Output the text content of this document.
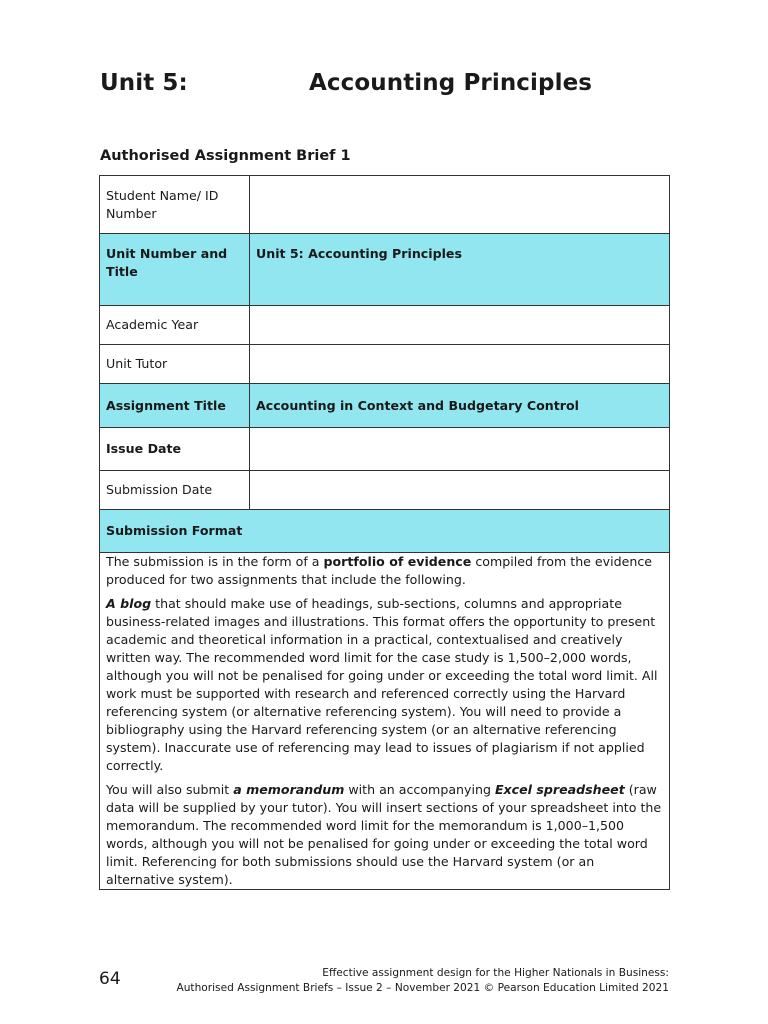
Unit 5:	Accounting Principles
Authorised Assignment Brief 1
Student Name/ ID Number	
Unit Number and Title	Unit 5: Accounting Principles
Academic Year	
Unit Tutor	
Assignment Title	Accounting in Context and Budgetary Control
Issue Date	
Submission Date	
Submission Format	

The submission is in the form of a portfolio of evidence compiled from the evidence produced for two assignments that include the following.

A blog that should make use of headings, sub-sections, columns and appropriate business-related images and illustrations. This format offers the opportunity to present academic and theoretical information in a practical, contextualised and creatively written way. The recommended word limit for the case study is 1,500–2,000 words, although you will not be penalised for going under or exceeding the total word limit. All work must be supported with research and referenced correctly using the Harvard referencing system (or alternative referencing system). You will need to provide a bibliography using the Harvard referencing system (or an alternative referencing system). Inaccurate use of referencing may lead to issues of plagiarism if not applied correctly.

You will also submit a memorandum with an accompanying Excel spreadsheet (raw data will be supplied by your tutor). You will insert sections of your spreadsheet into the memorandum. The recommended word limit for the memorandum is 1,000–1,500 words, although you will not be penalised for going under or exceeding the total word limit. Referencing for both submissions should use the Harvard system (or an alternative system).	

64	Effective assignment design for the Higher Nationals in Business:
Authorised Assignment Briefs – Issue 2 – November 2021 © Pearson Education Limited 2021
